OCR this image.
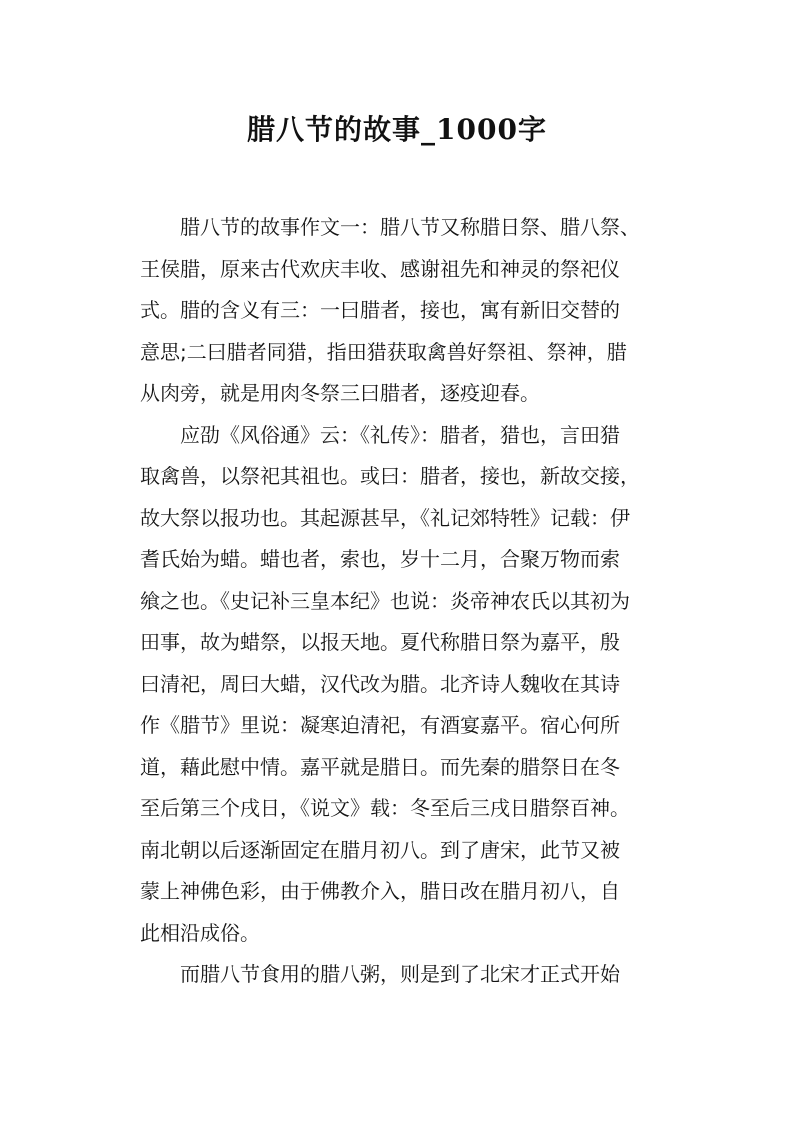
腊八节的故事_1000字
腊八节的故事作文一：腊八节又称腊日祭、腊八祭、
王侯腊，原来古代欢庆丰收、感谢祖先和神灵的祭祀仪
式。腊的含义有三：一曰腊者，接也，寓有新旧交替的
意思;二曰腊者同猎，指田猎获取禽兽好祭祖、祭神，腊
从肉旁，就是用肉冬祭三曰腊者，逐疫迎春。
应劭《风俗通》云：《礼传》：腊者，猎也，言田猎
取禽兽，以祭祀其祖也。或曰：腊者，接也，新故交接，
故大祭以报功也。其起源甚早，《礼记郊特牲》记载：伊
耆氏始为蜡。蜡也者，索也，岁十二月，合聚万物而索
飨之也。《史记补三皇本纪》也说：炎帝神农氏以其初为
田事，故为蜡祭，以报天地。夏代称腊日祭为嘉平，殷
曰清祀，周曰大蜡，汉代改为腊。北齐诗人魏收在其诗
作《腊节》里说：凝寒迫清祀，有酒宴嘉平。宿心何所
道，藉此慰中情。嘉平就是腊日。而先秦的腊祭日在冬
至后第三个戌日，《说文》载：冬至后三戌日腊祭百神。
南北朝以后逐渐固定在腊月初八。到了唐宋，此节又被
蒙上神佛色彩，由于佛教介入，腊日改在腊月初八，自
此相沿成俗。
而腊八节食用的腊八粥，则是到了北宋才正式开始
